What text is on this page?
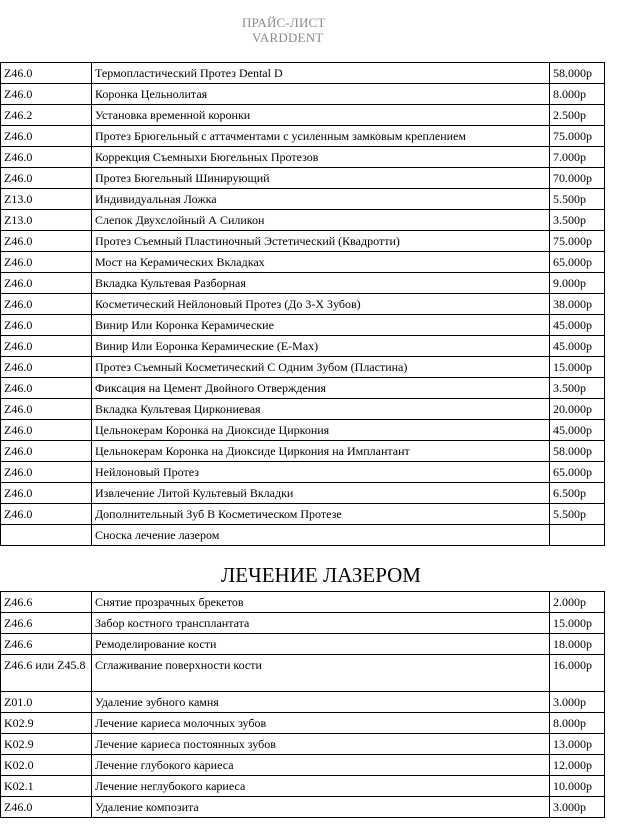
ПРАЙС-ЛИСТ
VARDDENT
Z46.0	Термопластический Протез Dental D	58.000р
Z46.0	Коронка Цельнолитая	8.000р
Z46.2	Установка временной коронки	2.500р
Z46.0	Протез Брюгельный с аттачментами с усиленным замковым креплением	75.000р
Z46.0	Коррекция Съемныхи Бюгельных Протезов	7.000р
Z46.0	Протез Бюгельный Шинирующий	70.000р
Z13.0	Индивидуальная Ложка	5.500р
Z13.0	Слепок Двухслойный А Силикон	3.500р
Z46.0	Протез Съемный Пластиночный Эстетический (Квадротти)	75.000р
Z46.0	Мост на Керамических Вкладках	65.000р
Z46.0	Вкладка Культевая Разборная	9.000р
Z46.0	Косметический Нейлоновый Протез (До 3-Х Зубов)	38.000р
Z46.0	Винир Или Коронка Керамические	45.000р
Z46.0	Винир Или Еоронка Керамические (E-Max)	45.000р
Z46.0	Протез Съемный Косметический С Одним Зубом (Пластина)	15.000р
Z46.0	Фиксация на Цемент Двойного Отверждения	3.500р
Z46.0	Вкладка Культевая Циркониевая	20.000р
Z46.0	Цельнокерам Коронка на Диоксиде Циркония	45.000р
Z46.0	Цельнокерам Коронка на Диоксиде Циркония на Имплантант	58.000р
Z46.0	Нейлоновый Протез	65.000р
Z46.0	Извлечение Литой Культевый Вкладки	6.500р
Z46.0	Дополнительный Зуб В Косметическом Протезе	5.500р
	Сноска лечение лазером	
ЛЕЧЕНИЕ ЛАЗЕРОМ
Z46.6	Снятие прозрачных брекетов	2.000р
Z46.6	Забор костного трансплантата	15.000р
Z46.6	Ремоделирование кости	18.000р
Z46.6 или Z45.8	Сглаживание поверхности кости	16.000р
Z01.0	Удаление зубного камня	3.000р
K02.9	Лечение кариеса молочных зубов	8.000р
K02.9	Лечение кариеса постоянных зубов	13.000р
K02.0	Лечение глубокого кариеса	12.000р
K02.1	Лечение неглубокого кариеса	10.000р
Z46.0	Удаление композита	3.000р
